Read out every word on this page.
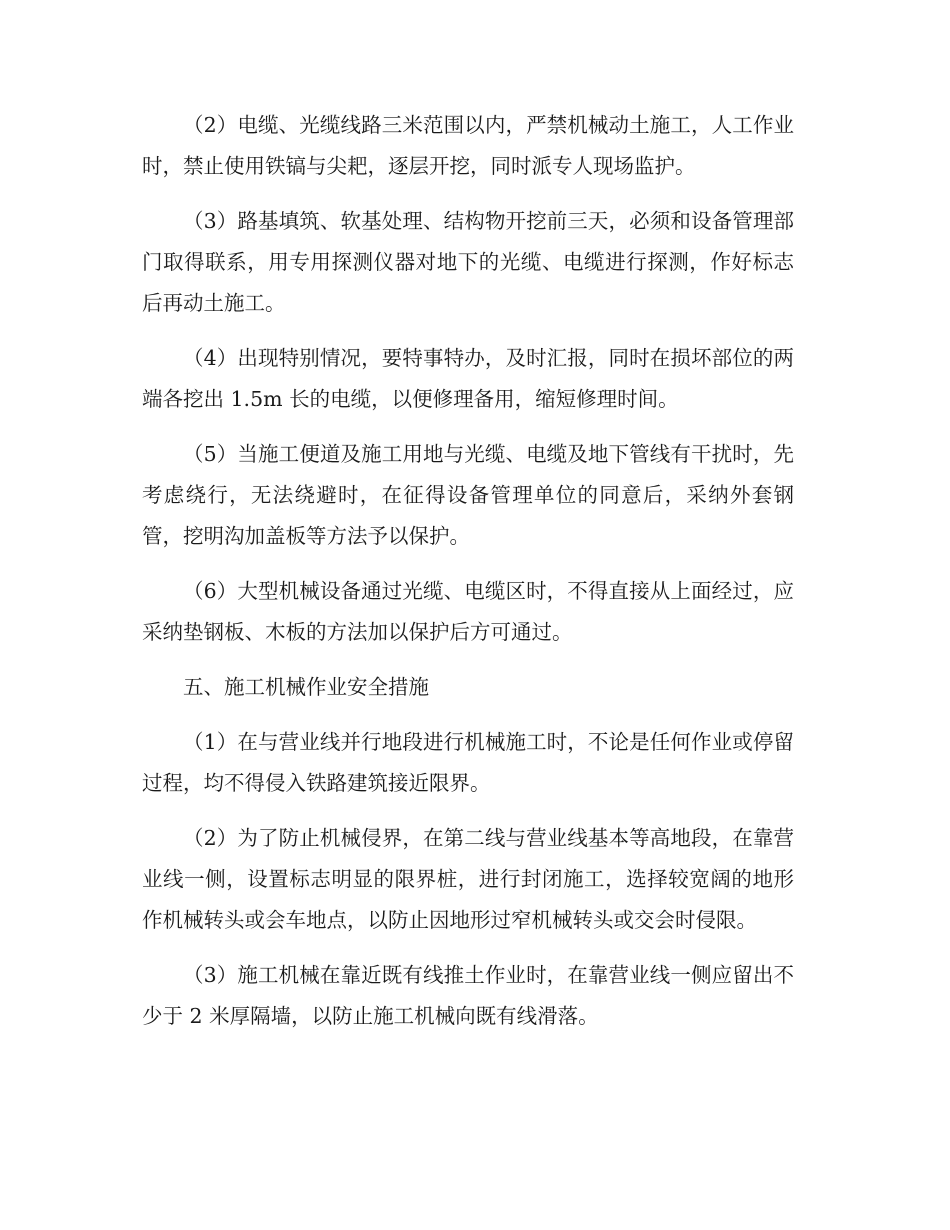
（2）电缆、光缆线路三米范围以内，严禁机械动土施工，人工作业时，禁止使用铁镐与尖耙，逐层开挖，同时派专人现场监护。

（3）路基填筑、软基处理、结构物开挖前三天，必须和设备管理部门取得联系，用专用探测仪器对地下的光缆、电缆进行探测，作好标志后再动土施工。

（4）出现特别情况，要特事特办，及时汇报，同时在损坏部位的两端各挖出 1.5m 长的电缆，以便修理备用，缩短修理时间。

（5）当施工便道及施工用地与光缆、电缆及地下管线有干扰时，先考虑绕行，无法绕避时，在征得设备管理单位的同意后，采纳外套钢管，挖明沟加盖板等方法予以保护。

（6）大型机械设备通过光缆、电缆区时，不得直接从上面经过，应采纳垫钢板、木板的方法加以保护后方可通过。

五、施工机械作业安全措施

（1）在与营业线并行地段进行机械施工时，不论是任何作业或停留过程，均不得侵入铁路建筑接近限界。

（2）为了防止机械侵界，在第二线与营业线基本等高地段，在靠营业线一侧，设置标志明显的限界桩，进行封闭施工，选择较宽阔的地形作机械转头或会车地点，以防止因地形过窄机械转头或交会时侵限。

（3）施工机械在靠近既有线推土作业时，在靠营业线一侧应留出不少于 2 米厚隔墙，以防止施工机械向既有线滑落。
